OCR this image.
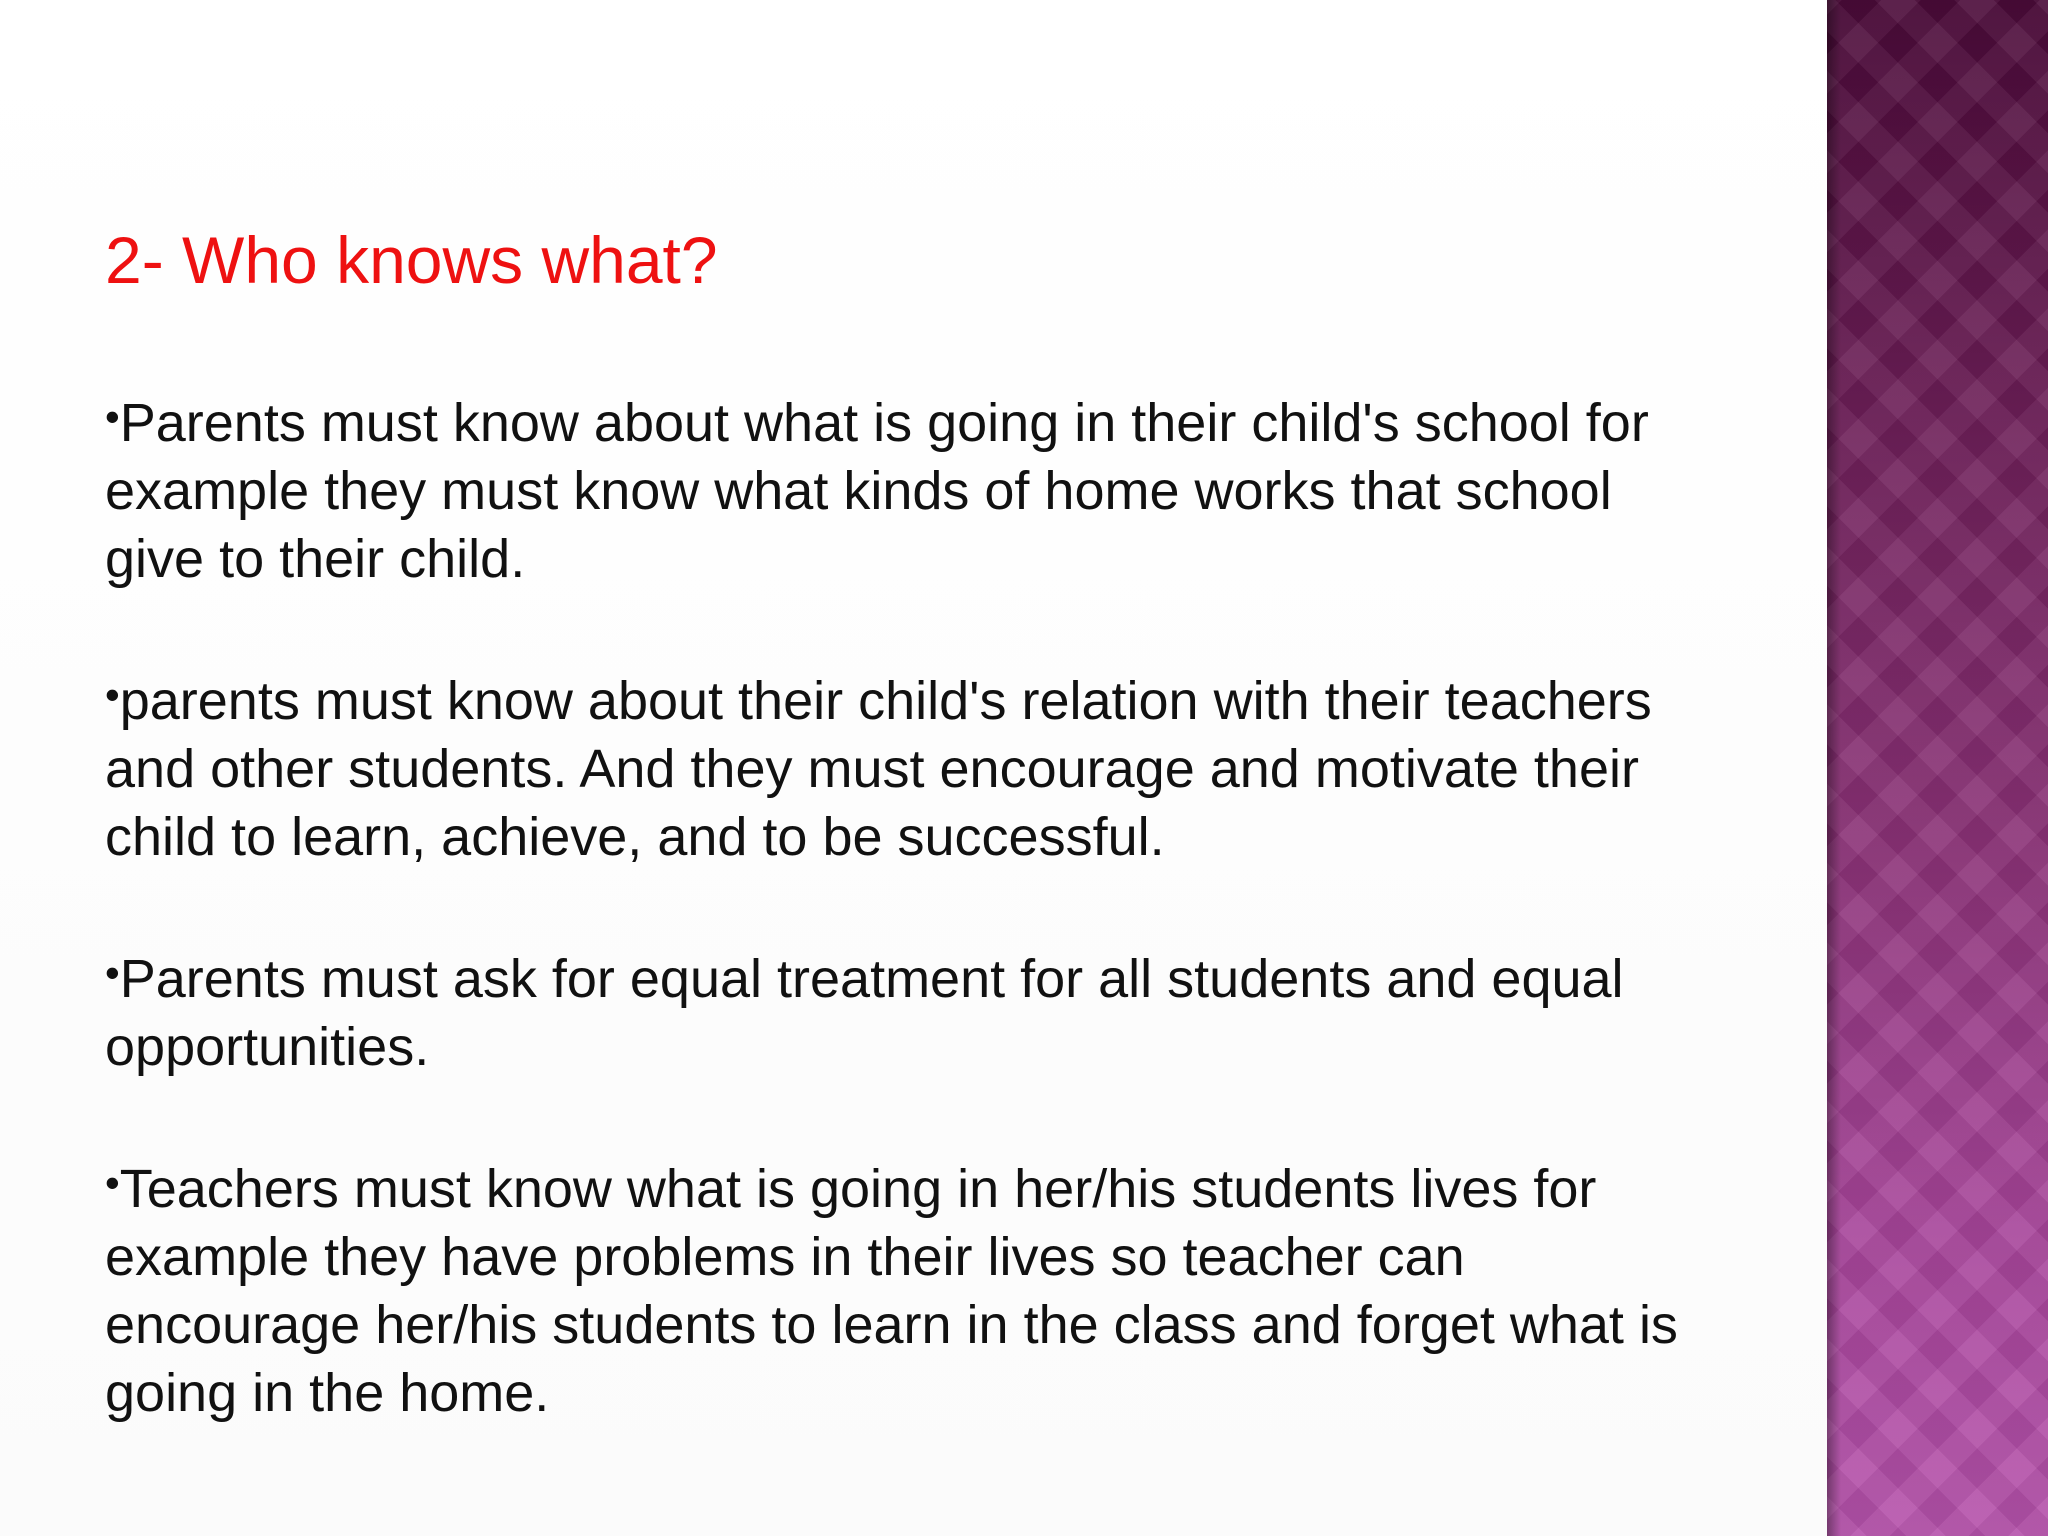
2- Who knows what?
•Parents must know about what is going in their child's school for
example they must know what kinds of home works that school
give to their child.
•parents must know about their child's relation with their teachers
and other students. And they must encourage and motivate their
child to learn, achieve, and to be successful.
•Parents must ask for equal treatment for all students and equal
opportunities.
•Teachers must know what is going in her/his students lives for
example they have problems in their lives so teacher can
encourage her/his students to learn in the class and forget what is
going in the home.
